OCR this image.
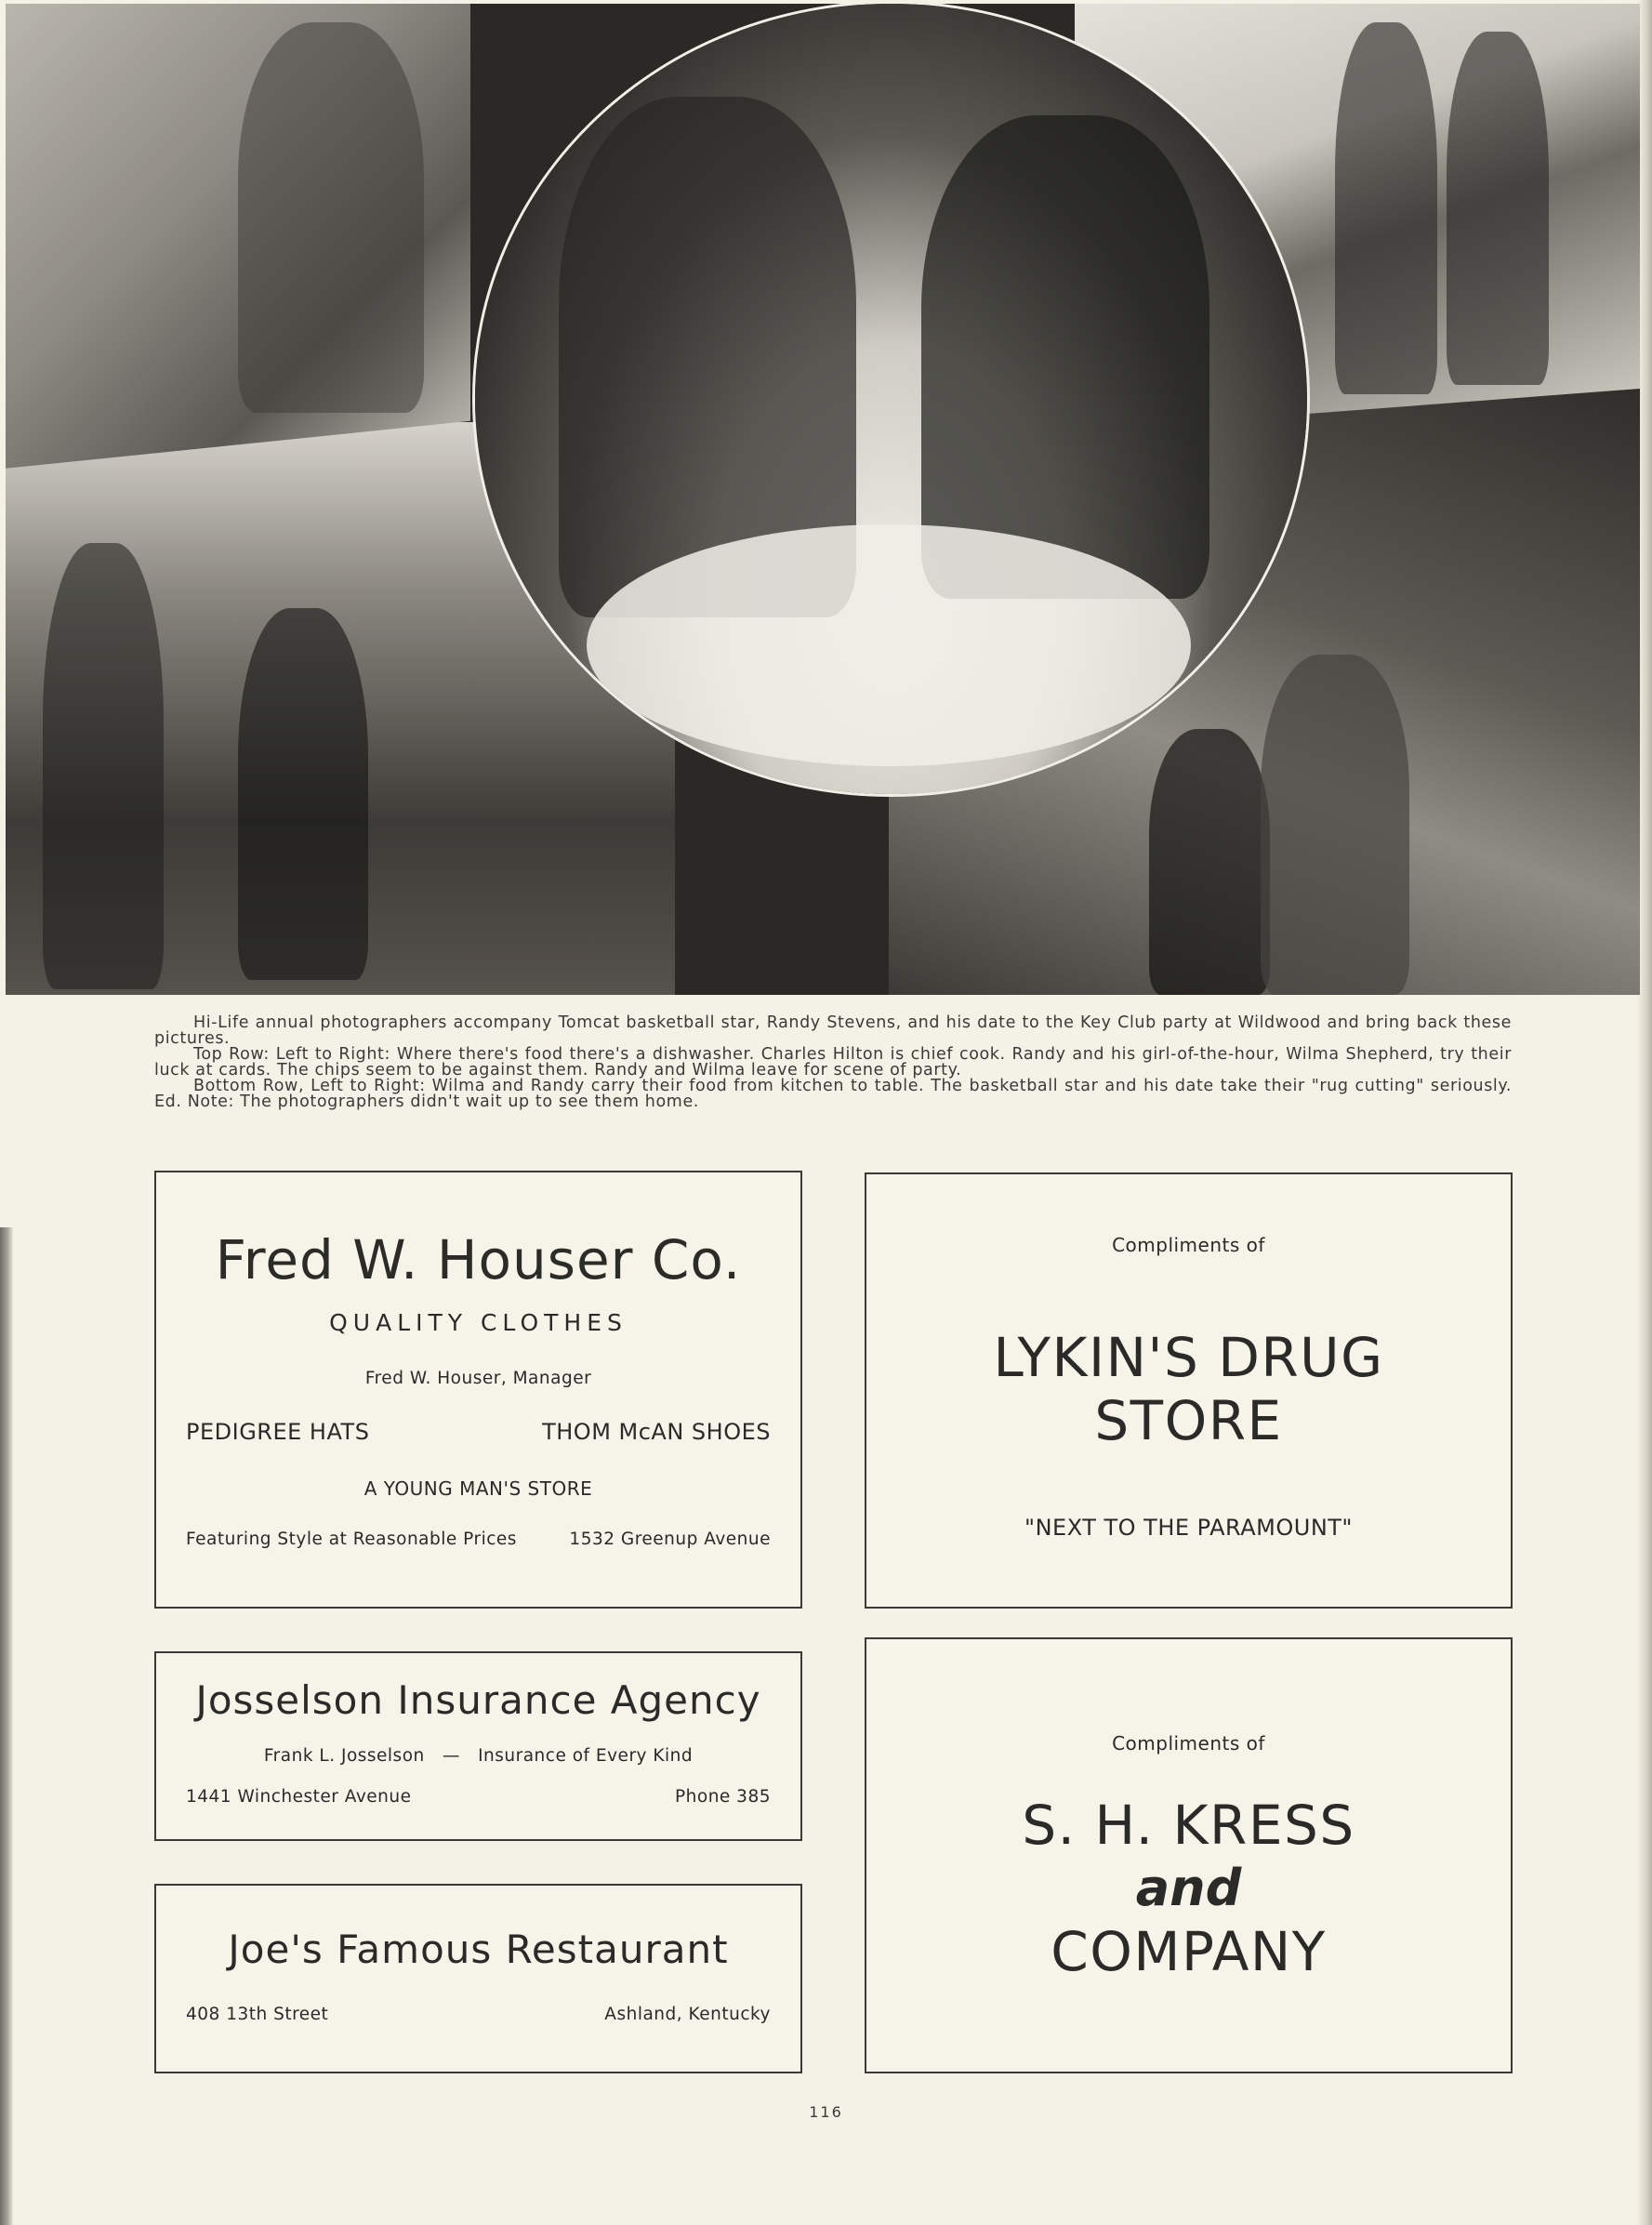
Hi-Life annual photographers accompany Tomcat basketball star, Randy Stevens, and his date to the Key Club party at Wildwood and bring back these pictures.

Top Row: Left to Right: Where there's food there's a dishwasher. Charles Hilton is chief cook. Randy and his girl-of-the-hour, Wilma Shepherd, try their luck at cards. The chips seem to be against them. Randy and Wilma leave for scene of party.

Bottom Row, Left to Right: Wilma and Randy carry their food from kitchen to table. The basketball star and his date take their "rug cutting" seriously. Ed. Note: The photographers didn't wait up to see them home.

Fred W. Houser Co.
QUALITY CLOTHES
Fred W. Houser, Manager
PEDIGREE HATS	THOM McAN SHOES
A YOUNG MAN'S STORE
Featuring Style at Reasonable Prices	1532 Greenup Avenue
Compliments of
LYKIN'S DRUG
STORE
"NEXT TO THE PARAMOUNT"
Josselson Insurance Agency
Frank L. Josselson — Insurance of Every Kind
1441 Winchester Avenue	Phone 385
Joe's Famous Restaurant
408 13th Street	Ashland, Kentucky
Compliments of
S. H. KRESS
and
COMPANY
116
